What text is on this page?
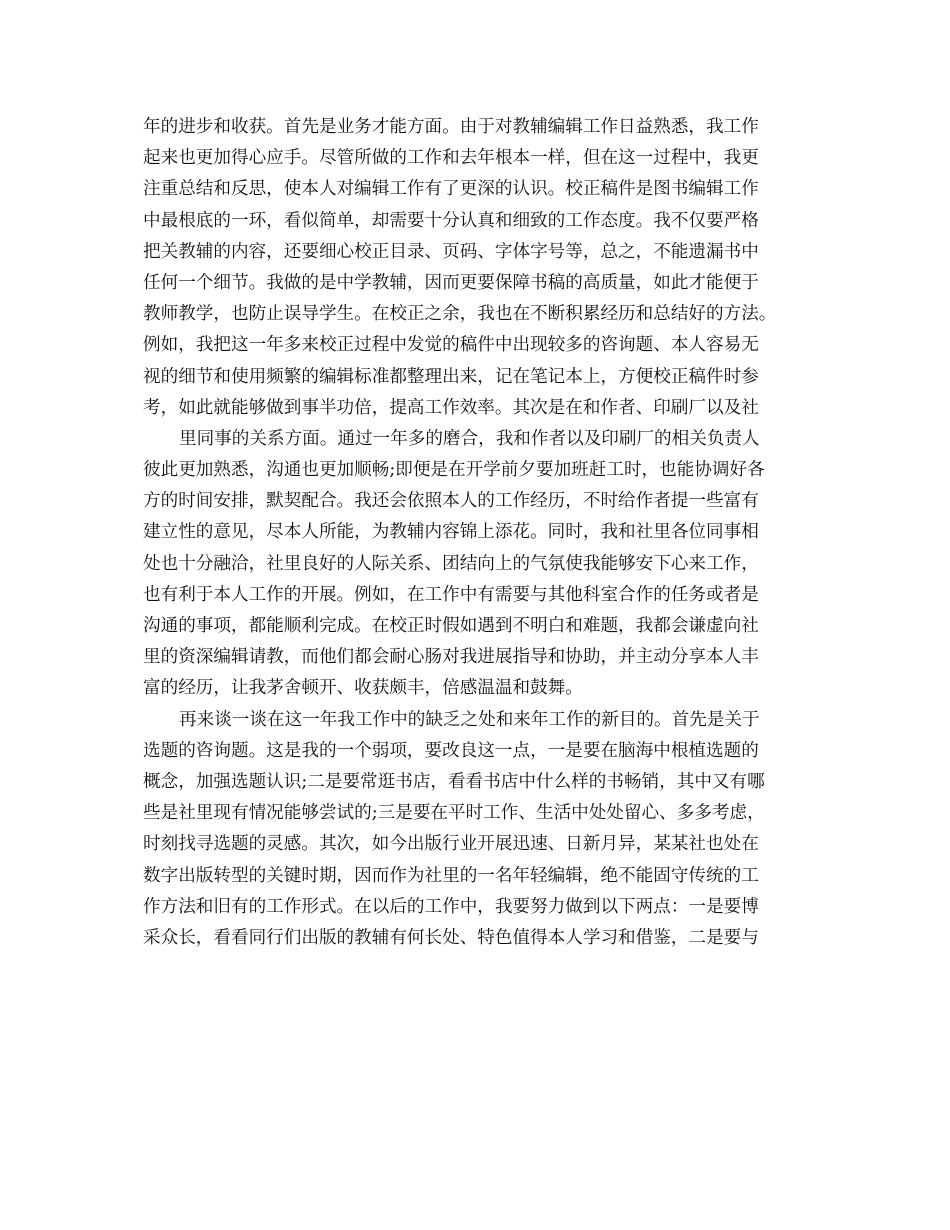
年的进步和收获。首先是业务才能方面。由于对教辅编辑工作日益熟悉，我工作
起来也更加得心应手。尽管所做的工作和去年根本一样，但在这一过程中，我更
注重总结和反思，使本人对编辑工作有了更深的认识。校正稿件是图书编辑工作
中最根底的一环，看似简单，却需要十分认真和细致的工作态度。我不仅要严格
把关教辅的内容，还要细心校正目录、页码、字体字号等，总之，不能遗漏书中
任何一个细节。我做的是中学教辅，因而更要保障书稿的高质量，如此才能便于
教师教学，也防止误导学生。在校正之余，我也在不断积累经历和总结好的方法。
例如，我把这一年多来校正过程中发觉的稿件中出现较多的咨询题、本人容易无
视的细节和使用频繁的编辑标准都整理出来，记在笔记本上，方便校正稿件时参
考，如此就能够做到事半功倍，提高工作效率。其次是在和作者、印刷厂以及社
里同事的关系方面。通过一年多的磨合，我和作者以及印刷厂的相关负责人
彼此更加熟悉，沟通也更加顺畅;即便是在开学前夕要加班赶工时，也能协调好各
方的时间安排，默契配合。我还会依照本人的工作经历，不时给作者提一些富有
建立性的意见，尽本人所能，为教辅内容锦上添花。同时，我和社里各位同事相
处也十分融洽，社里良好的人际关系、团结向上的气氛使我能够安下心来工作，
也有利于本人工作的开展。例如，在工作中有需要与其他科室合作的任务或者是
沟通的事项，都能顺利完成。在校正时假如遇到不明白和难题，我都会谦虚向社
里的资深编辑请教，而他们都会耐心肠对我进展指导和协助，并主动分享本人丰
富的经历，让我茅舍顿开、收获颇丰，倍感温温和鼓舞。
再来谈一谈在这一年我工作中的缺乏之处和来年工作的新目的。首先是关于
选题的咨询题。这是我的一个弱项，要改良这一点，一是要在脑海中根植选题的
概念，加强选题认识;二是要常逛书店，看看书店中什么样的书畅销，其中又有哪
些是社里现有情况能够尝试的;三是要在平时工作、生活中处处留心、多多考虑，
时刻找寻选题的灵感。其次，如今出版行业开展迅速、日新月异，某某社也处在
数字出版转型的关键时期，因而作为社里的一名年轻编辑，绝不能固守传统的工
作方法和旧有的工作形式。在以后的工作中，我要努力做到以下两点：一是要博
采众长，看看同行们出版的教辅有何长处、特色值得本人学习和借鉴，二是要与
